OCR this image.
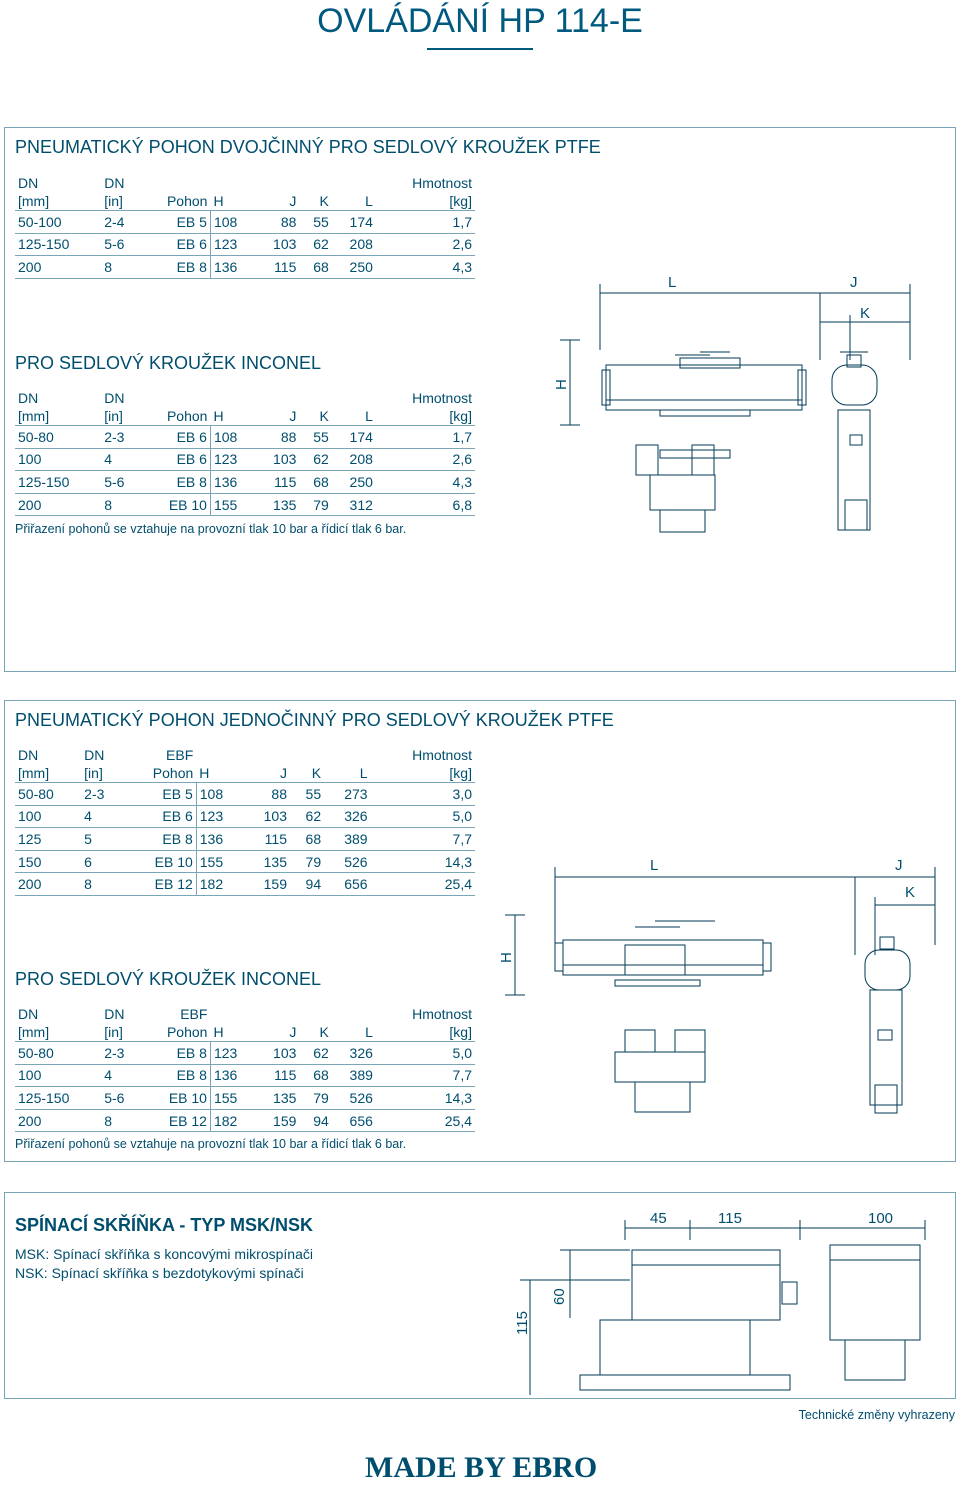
OVLÁDÁNÍ HP 114-E
PNEUMATICKÝ POHON DVOJČINNÝ PRO SEDLOVÝ KROUŽEK PTFE
DN	DN						Hmotnost
[mm]	[in]	Pohon	H	J	K	L	[kg]
50-100	2-4	EB 5	108	88	55	174	1,7
125-150	5-6	EB 6	123	103	62	208	2,6
200	8	EB 8	136	115	68	250	4,3
PRO SEDLOVÝ KROUŽEK INCONEL
DN	DN						Hmotnost
[mm]	[in]	Pohon	H	J	K	L	[kg]
50-80	2-3	EB 6	108	88	55	174	1,7
100	4	EB 6	123	103	62	208	2,6
125-150	5-6	EB 8	136	115	68	250	4,3
200	8	EB 10	155	135	79	312	6,8
Přiřazení pohonů se vztahuje na provozní tlak 10 bar a řídicí tlak 6 bar.
L	J
K
H
PNEUMATICKÝ POHON JEDNOČINNÝ PRO SEDLOVÝ KROUŽEK PTFE
DN	DN	EBF					Hmotnost
[mm]	[in]	Pohon	H	J	K	L	[kg]
50-80	2-3	EB 5	108	88	55	273	3,0
100	4	EB 6	123	103	62	326	5,0
125	5	EB 8	136	115	68	389	7,7
150	6	EB 10	155	135	79	526	14,3
200	8	EB 12	182	159	94	656	25,4
PRO SEDLOVÝ KROUŽEK INCONEL
DN	DN	EBF					Hmotnost
[mm]	[in]	Pohon	H	J	K	L	[kg]
50-80	2-3	EB 8	123	103	62	326	5,0
100	4	EB 8	136	115	68	389	7,7
125-150	5-6	EB 10	155	135	79	526	14,3
200	8	EB 12	182	159	94	656	25,4
Přiřazení pohonů se vztahuje na provozní tlak 10 bar a řídicí tlak 6 bar.
L	J
K
H
SPÍNACÍ SKŘÍŇKA - TYP MSK/NSK
MSK: Spínací skříňka s koncovými mikrospínači
NSK: Spínací skříňka s bezdotykovými spínači
45	115	100
115
60
Technické změny vyhrazeny
MADE BY EBRO
